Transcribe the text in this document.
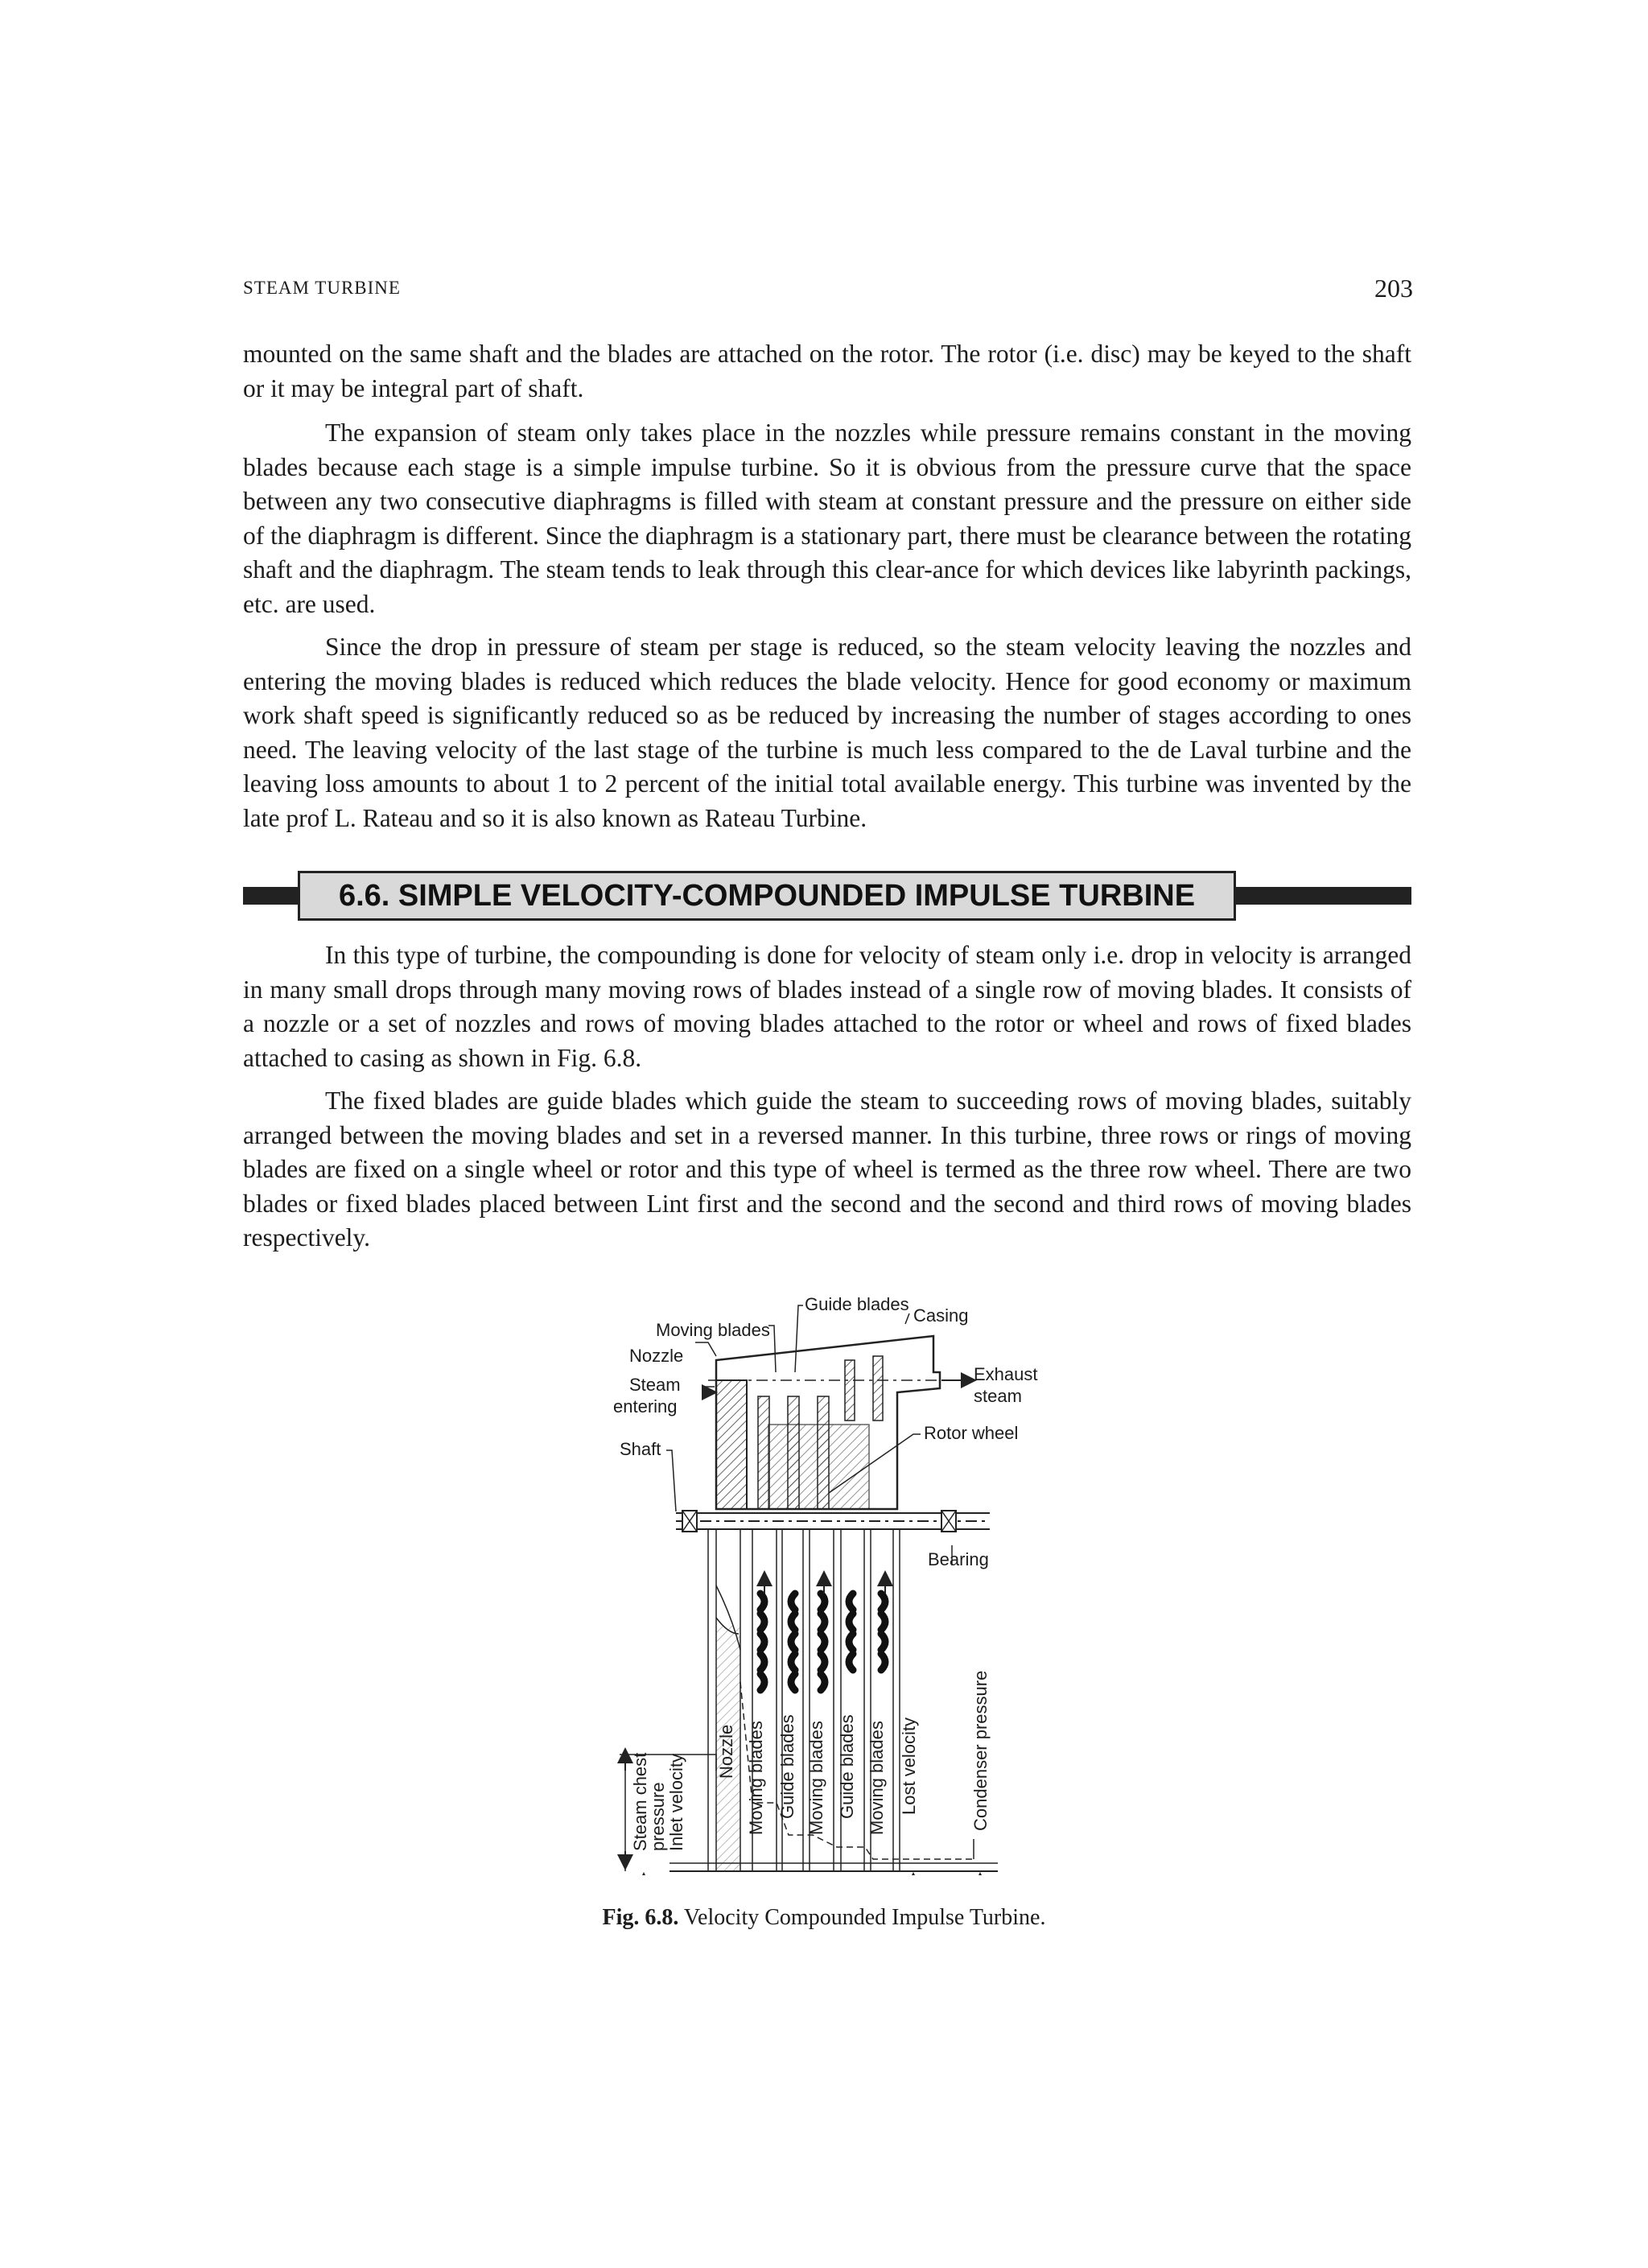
STEAM TURBINE	203

mounted on the same shaft and the blades are attached on the rotor. The rotor (i.e. disc) may be keyed to the shaft or it may be integral part of shaft.

The expansion of steam only takes place in the nozzles while pressure remains constant in the moving blades because each stage is a simple impulse turbine. So it is obvious from the pressure curve that the space between any two consecutive diaphragms is filled with steam at constant pressure and the pressure on either side of the diaphragm is different. Since the diaphragm is a stationary part, there must be clearance between the rotating shaft and the diaphragm. The steam tends to leak through this clear-ance for which devices like labyrinth packings, etc. are used.

Since the drop in pressure of steam per stage is reduced, so the steam velocity leaving the nozzles and entering the moving blades is reduced which reduces the blade velocity. Hence for good economy or maximum work shaft speed is significantly reduced so as be reduced by increasing the number of stages according to ones need. The leaving velocity of the last stage of the turbine is much less compared to the de Laval turbine and the leaving loss amounts to about 1 to 2 percent of the initial total available energy. This turbine was invented by the late prof L. Rateau and so it is also known as Rateau Turbine.

6.6. SIMPLE VELOCITY-COMPOUNDED IMPULSE TURBINE

In this type of turbine, the compounding is done for velocity of steam only i.e. drop in velocity is arranged in many small drops through many moving rows of blades instead of a single row of moving blades. It consists of a nozzle or a set of nozzles and rows of moving blades attached to the rotor or wheel and rows of fixed blades attached to casing as shown in Fig. 6.8.

The fixed blades are guide blades which guide the steam to succeeding rows of moving blades, suitably arranged between the moving blades and set in a reversed manner. In this turbine, three rows or rings of moving blades are fixed on a single wheel or rotor and this type of wheel is termed as the three row wheel. There are two blades or fixed blades placed between Lint first and the second and the second and third rows of moving blades respectively.

Guide blades
Casing
Moving blades
Nozzle
Steam
entering
Exhaust
steam
Rotor wheel
Shaft
Bearing
Steam chest
pressure
Inlet velocity
Nozzle Moving blades Guide blades Moving blades Guide blades Moving blades Lost velocity	Condenser pressure
Fig. 6.8. Velocity Compounded Impulse Turbine.
